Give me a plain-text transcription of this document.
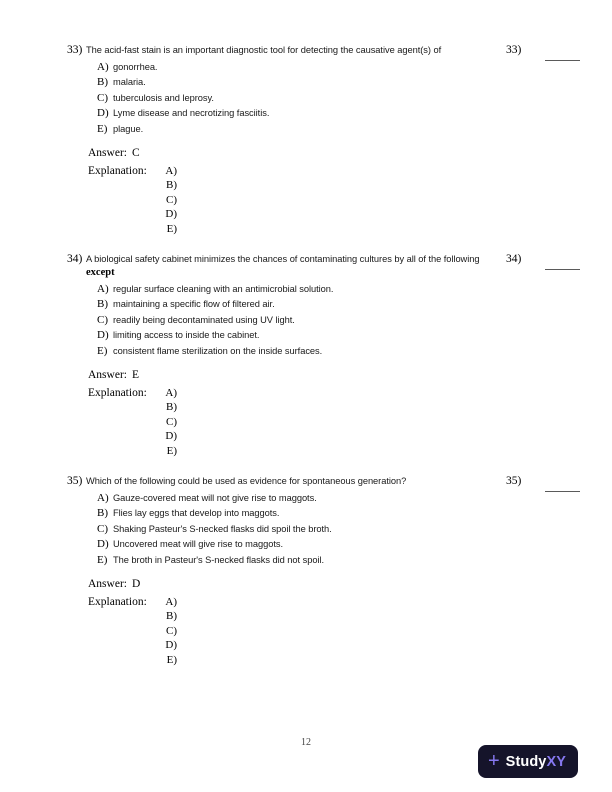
33) The acid-fast stain is an important diagnostic tool for detecting the causative agent(s) of	33)
A) gonorrhea.
B) malaria.
C) tuberculosis and leprosy.
D) Lyme disease and necrotizing fasciitis.
E) plague.
Answer: C
Explanation:	A)
B)
C)
D)
E)
34) A biological safety cabinet minimizes the chances of contaminating cultures by all of the following
except
34)
A) regular surface cleaning with an antimicrobial solution.
B) maintaining a specific flow of filtered air.
C) readily being decontaminated using UV light.
D) limiting access to inside the cabinet.
E) consistent flame sterilization on the inside surfaces.
Answer: E
Explanation:	A)
B)
C)
D)
E)
35) Which of the following could be used as evidence for spontaneous generation?	35)
A) Gauze-covered meat will not give rise to maggots.
B) Flies lay eggs that develop into maggots.
C) Shaking Pasteur's S-necked flasks did spoil the broth.
D) Uncovered meat will give rise to maggots.
E) The broth in Pasteur's S-necked flasks did not spoil.
Answer: D
Explanation:	A)
B)
C)
D)
E)
12
+ Study XY
